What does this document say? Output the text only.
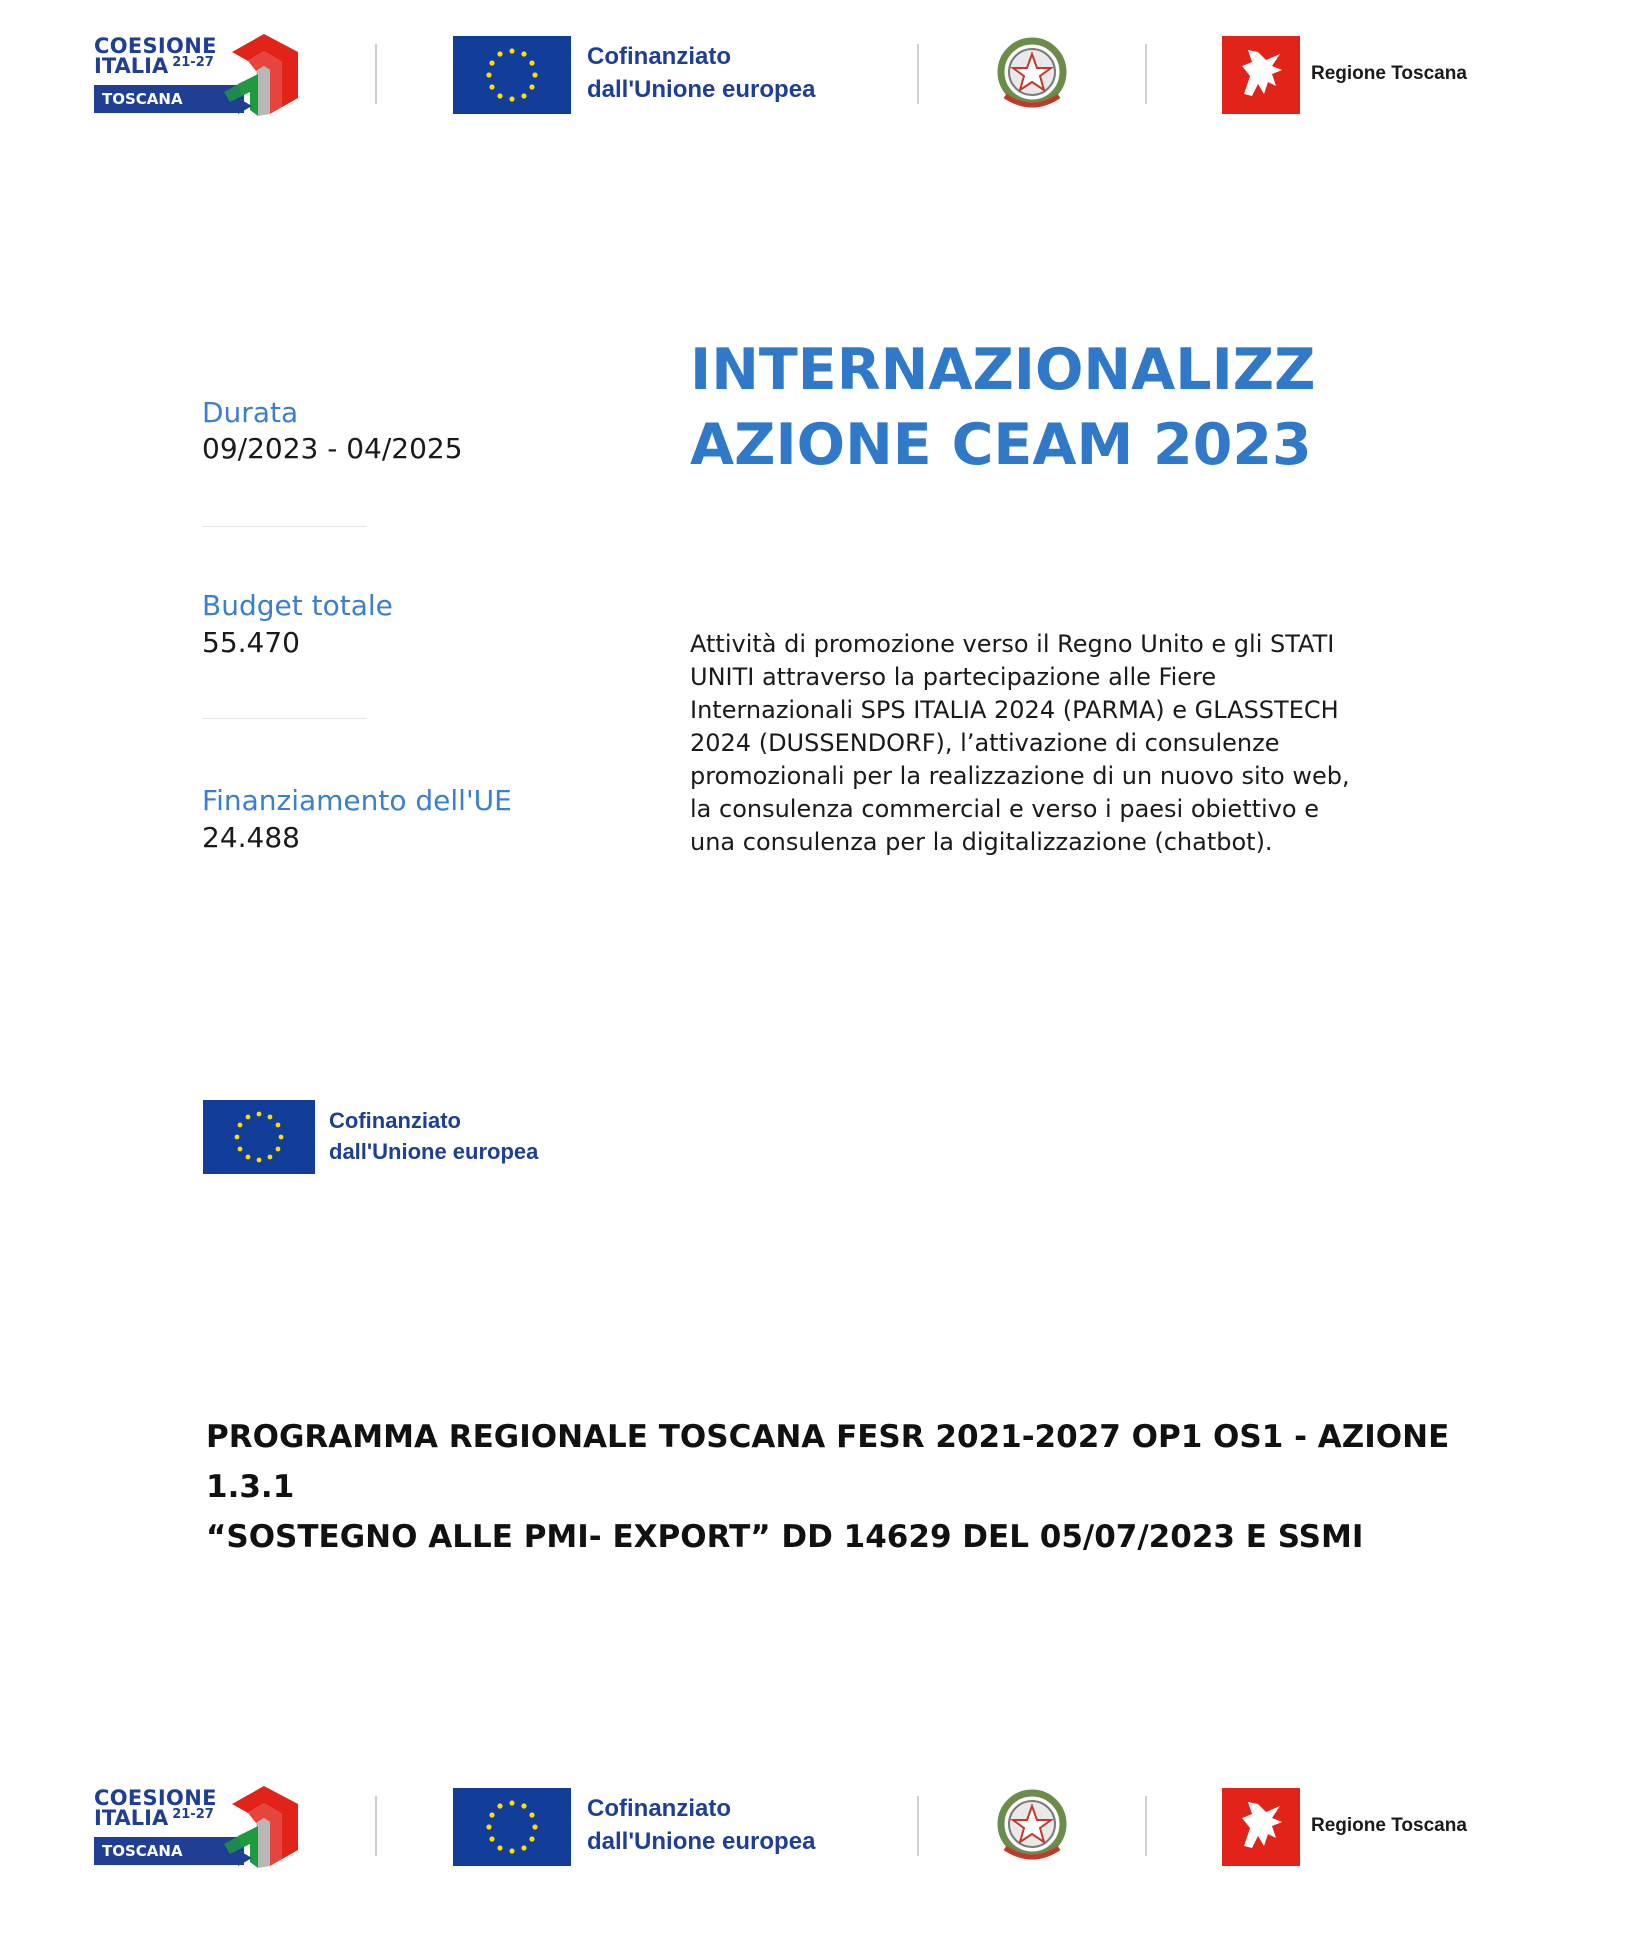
COESIONE
ITALIA $^{21-27}$
TOSCANA
Cofinanziato
dall'Unione europea
Regione Toscana
Durata
09/2023 - 04/2025
Budget totale
55.470
Finanziamento dell'UE
24.488
INTERNAZIONALIZZAZIONE CEAM 2023
Attività di promozione verso il Regno Unito e gli STATI UNITI attraverso la partecipazione alle Fiere Internazionali SPS ITALIA 2024 (PARMA) e GLASSTECH 2024 (DUSSENDORF), l’attivazione di consulenze promozionali per la realizzazione di un nuovo sito web, la consulenza commercial e verso i paesi obiettivo e una consulenza per la digitalizzazione (chatbot).
Cofinanziato
dall'Unione europea
PROGRAMMA REGIONALE TOSCANA FESR 2021-2027 OP1 OS1 - AZIONE 1.3.1
“SOSTEGNO ALLE PMI- EXPORT” DD 14629 DEL 05/07/2023 E SSMI
COESIONE
ITALIA $^{21-27}$
TOSCANA
Cofinanziato
dall'Unione europea
Regione Toscana
